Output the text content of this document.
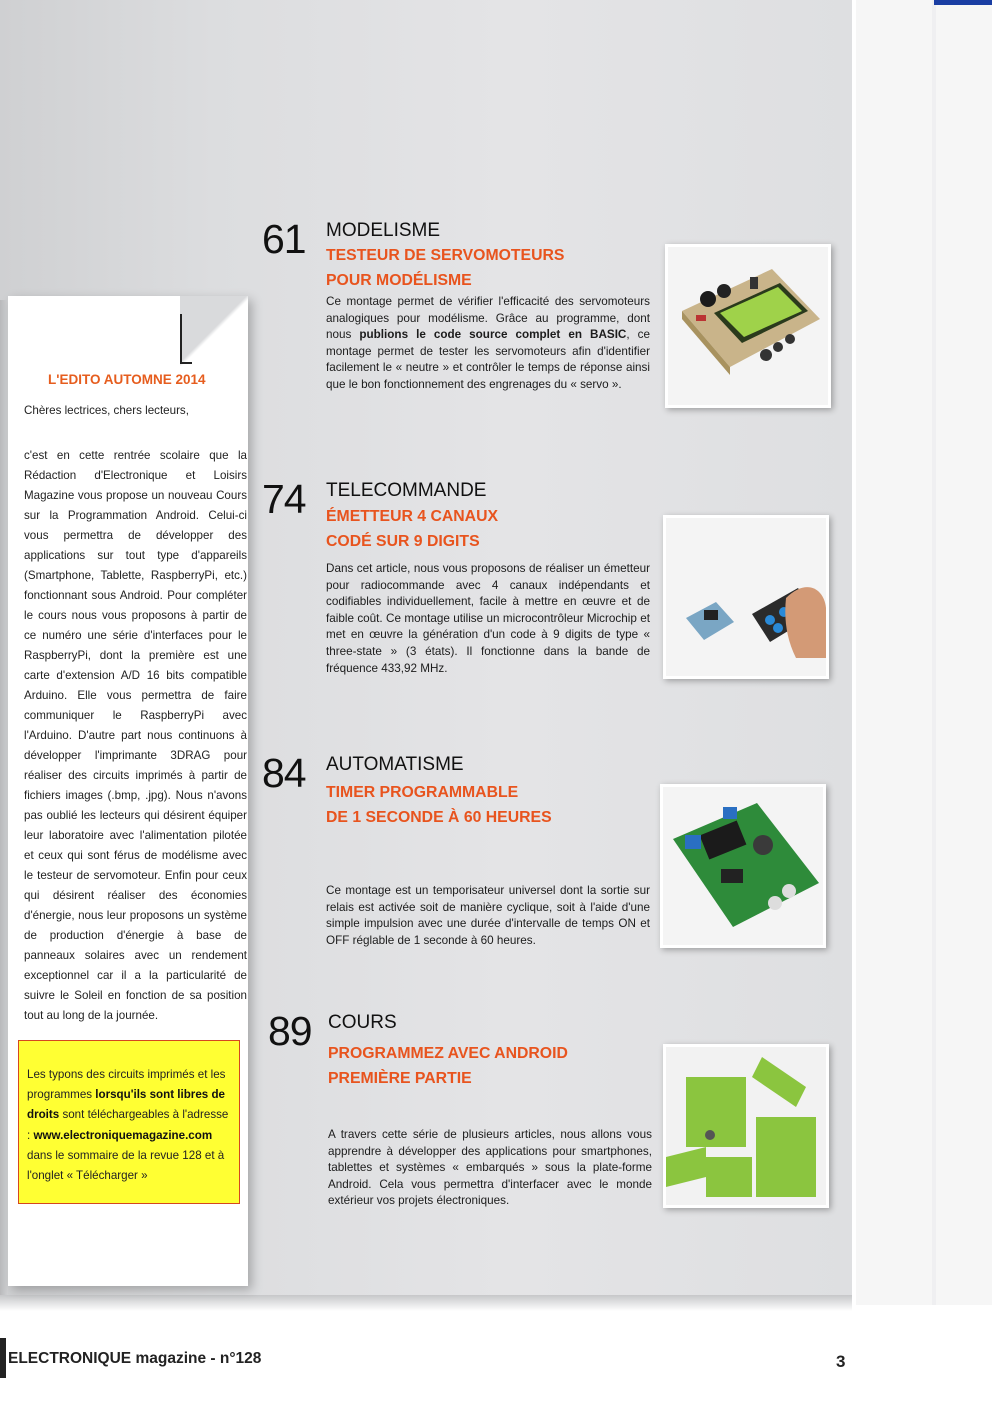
L'EDITO AUTOMNE 2014
Chères lectrices, chers lecteurs,

c'est en cette rentrée scolaire que la Rédaction d'Electronique et Loisirs Magazine vous propose un nouveau Cours sur la Programmation Android. Celui-ci vous permettra de développer des applications sur tout type d'appareils (Smartphone, Tablette, RaspberryPi, etc.) fonctionnant sous Android. Pour compléter le cours nous vous proposons à partir de ce numéro une série d'interfaces pour le RaspberryPi, dont la première est une carte d'extension A/D 16 bits compatible Arduino. Elle vous permettra de faire communiquer le RaspberryPi avec l'Arduino. D'autre part nous continuons à développer l'imprimante 3DRAG pour réaliser des circuits imprimés à partir de fichiers images (.bmp, .jpg). Nous n'avons pas oublié les lecteurs qui désirent équiper leur laboratoire avec l'alimentation pilotée et ceux qui sont férus de modélisme avec le testeur de servomoteur. Enfin pour ceux qui désirent réaliser des économies d'énergie, nous leur proposons un système de production d'énergie à base de panneaux solaires avec un rendement exceptionnel car il a la particularité de suivre le Soleil en fonction de sa position tout au long de la journée.

Les typons des circuits imprimés et les programmes lorsqu'ils sont libres de droits sont téléchargeables à l'adresse : www.electroniquemagazine.com dans le sommaire de la revue 128 et à l'onglet « Télécharger »
61 MODELISME
TESTEUR DE SERVOMOTEURS
POUR MODÉLISME

Ce montage permet de vérifier l'efficacité des servomoteurs analogiques pour modélisme. Grâce au programme, dont nous publions le code source complet en BASIC, ce montage permet de tester les servomoteurs afin d'identifier facilement le « neutre » et contrôler le temps de réponse ainsi que le bon fonctionnement des engrenages du « servo ».

74 TELECOMMANDE
ÉMETTEUR 4 CANAUX
CODÉ SUR 9 DIGITS

Dans cet article, nous vous proposons de réaliser un émetteur pour radiocommande avec 4 canaux indépendants et codifiables individuellement, facile à mettre en œuvre et de faible coût. Ce montage utilise un microcontrôleur Microchip et met en œuvre la génération d'un code à 9 digits de type « three-state » (3 états). Il fonctionne dans la bande de fréquence 433,92 MHz.

84 AUTOMATISME
TIMER PROGRAMMABLE
DE 1 SECONDE À 60 HEURES

Ce montage est un temporisateur universel dont la sortie sur relais est activée soit de manière cyclique, soit à l'aide d'une simple impulsion avec une durée d'intervalle de temps ON et OFF réglable de 1 seconde à 60 heures.

89 COURS
PROGRAMMEZ AVEC ANDROID
PREMIÈRE PARTIE

A travers cette série de plusieurs articles, nous allons vous apprendre à développer des applications pour smartphones, tablettes et systèmes « embarqués » sous la plate-forme Android. Cela vous permettra d'interfacer avec le monde extérieur vos projets électroniques.

ELECTRONIQUE magazine - n°128	3
